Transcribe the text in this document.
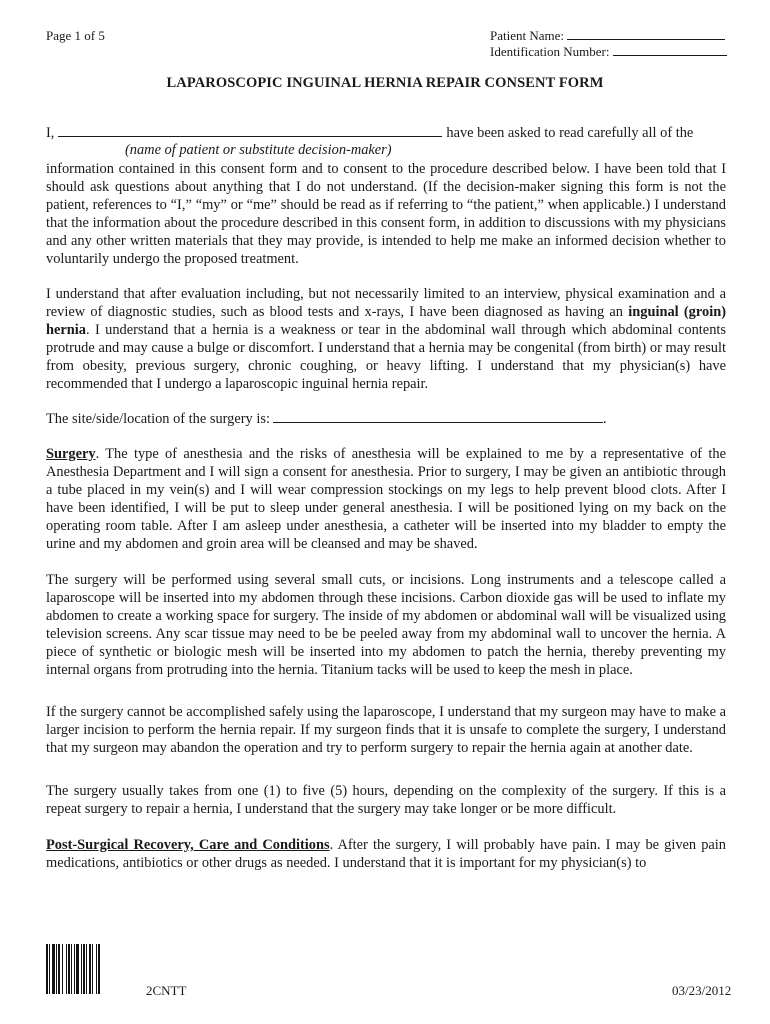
Page 1 of 5	Patient Name:

Identification Number:

LAPAROSCOPIC INGUINAL HERNIA REPAIR CONSENT FORM

I,	have been asked to read carefully all of the

(name of patient or substitute decision-maker)

information contained in this consent form and to consent to the procedure described below. I have been told that I should ask questions about anything that I do not understand. (If the decision-maker signing this form is not the patient, references to “I,” “my” or “me” should be read as if referring to “the patient,” when applicable.) I understand that the information about the procedure described in this consent form, in addition to discussions with my physicians and any other written materials that they may provide, is intended to help me make an informed decision whether to voluntarily undergo the proposed treatment.

I understand that after evaluation including, but not necessarily limited to an interview, physical examination and a review of diagnostic studies, such as blood tests and x-rays, I have been diagnosed as having an inguinal (groin) hernia. I understand that a hernia is a weakness or tear in the abdominal wall through which abdominal contents protrude and may cause a bulge or discomfort. I understand that a hernia may be congenital (from birth) or may result from obesity, previous surgery, chronic coughing, or heavy lifting. I understand that my physician(s) have recommended that I undergo a laparoscopic inguinal hernia repair.

The site/side/location of the surgery is:	.

Surgery. The type of anesthesia and the risks of anesthesia will be explained to me by a representative of the Anesthesia Department and I will sign a consent for anesthesia. Prior to surgery, I may be given an antibiotic through a tube placed in my vein(s) and I will wear compression stockings on my legs to help prevent blood clots. After I have been identified, I will be put to sleep under general anesthesia. I will be positioned lying on my back on the operating room table. After I am asleep under anesthesia, a catheter will be inserted into my bladder to empty the urine and my abdomen and groin area will be cleansed and may be shaved.

The surgery will be performed using several small cuts, or incisions. Long instruments and a telescope called a laparoscope will be inserted into my abdomen through these incisions. Carbon dioxide gas will be used to inflate my abdomen to create a working space for surgery. The inside of my abdomen or abdominal wall will be visualized using television screens. Any scar tissue may need to be be peeled away from my abdominal wall to uncover the hernia. A piece of synthetic or biologic mesh will be inserted into my abdomen to patch the hernia, thereby preventing my internal organs from protruding into the hernia. Titanium tacks will be used to keep the mesh in place.

If the surgery cannot be accomplished safely using the laparoscope, I understand that my surgeon may have to make a larger incision to perform the hernia repair. If my surgeon finds that it is unsafe to complete the surgery, I understand that my surgeon may abandon the operation and try to perform surgery to repair the hernia again at another date.

The surgery usually takes from one (1) to five (5) hours, depending on the complexity of the surgery. If this is a repeat surgery to repair a hernia, I understand that the surgery may take longer or be more difficult.

Post-Surgical Recovery, Care and Conditions. After the surgery, I will probably have pain. I may be given pain medications, antibiotics or other drugs as needed. I understand that it is important for my physician(s) to

2CNTT	03/23/2012
